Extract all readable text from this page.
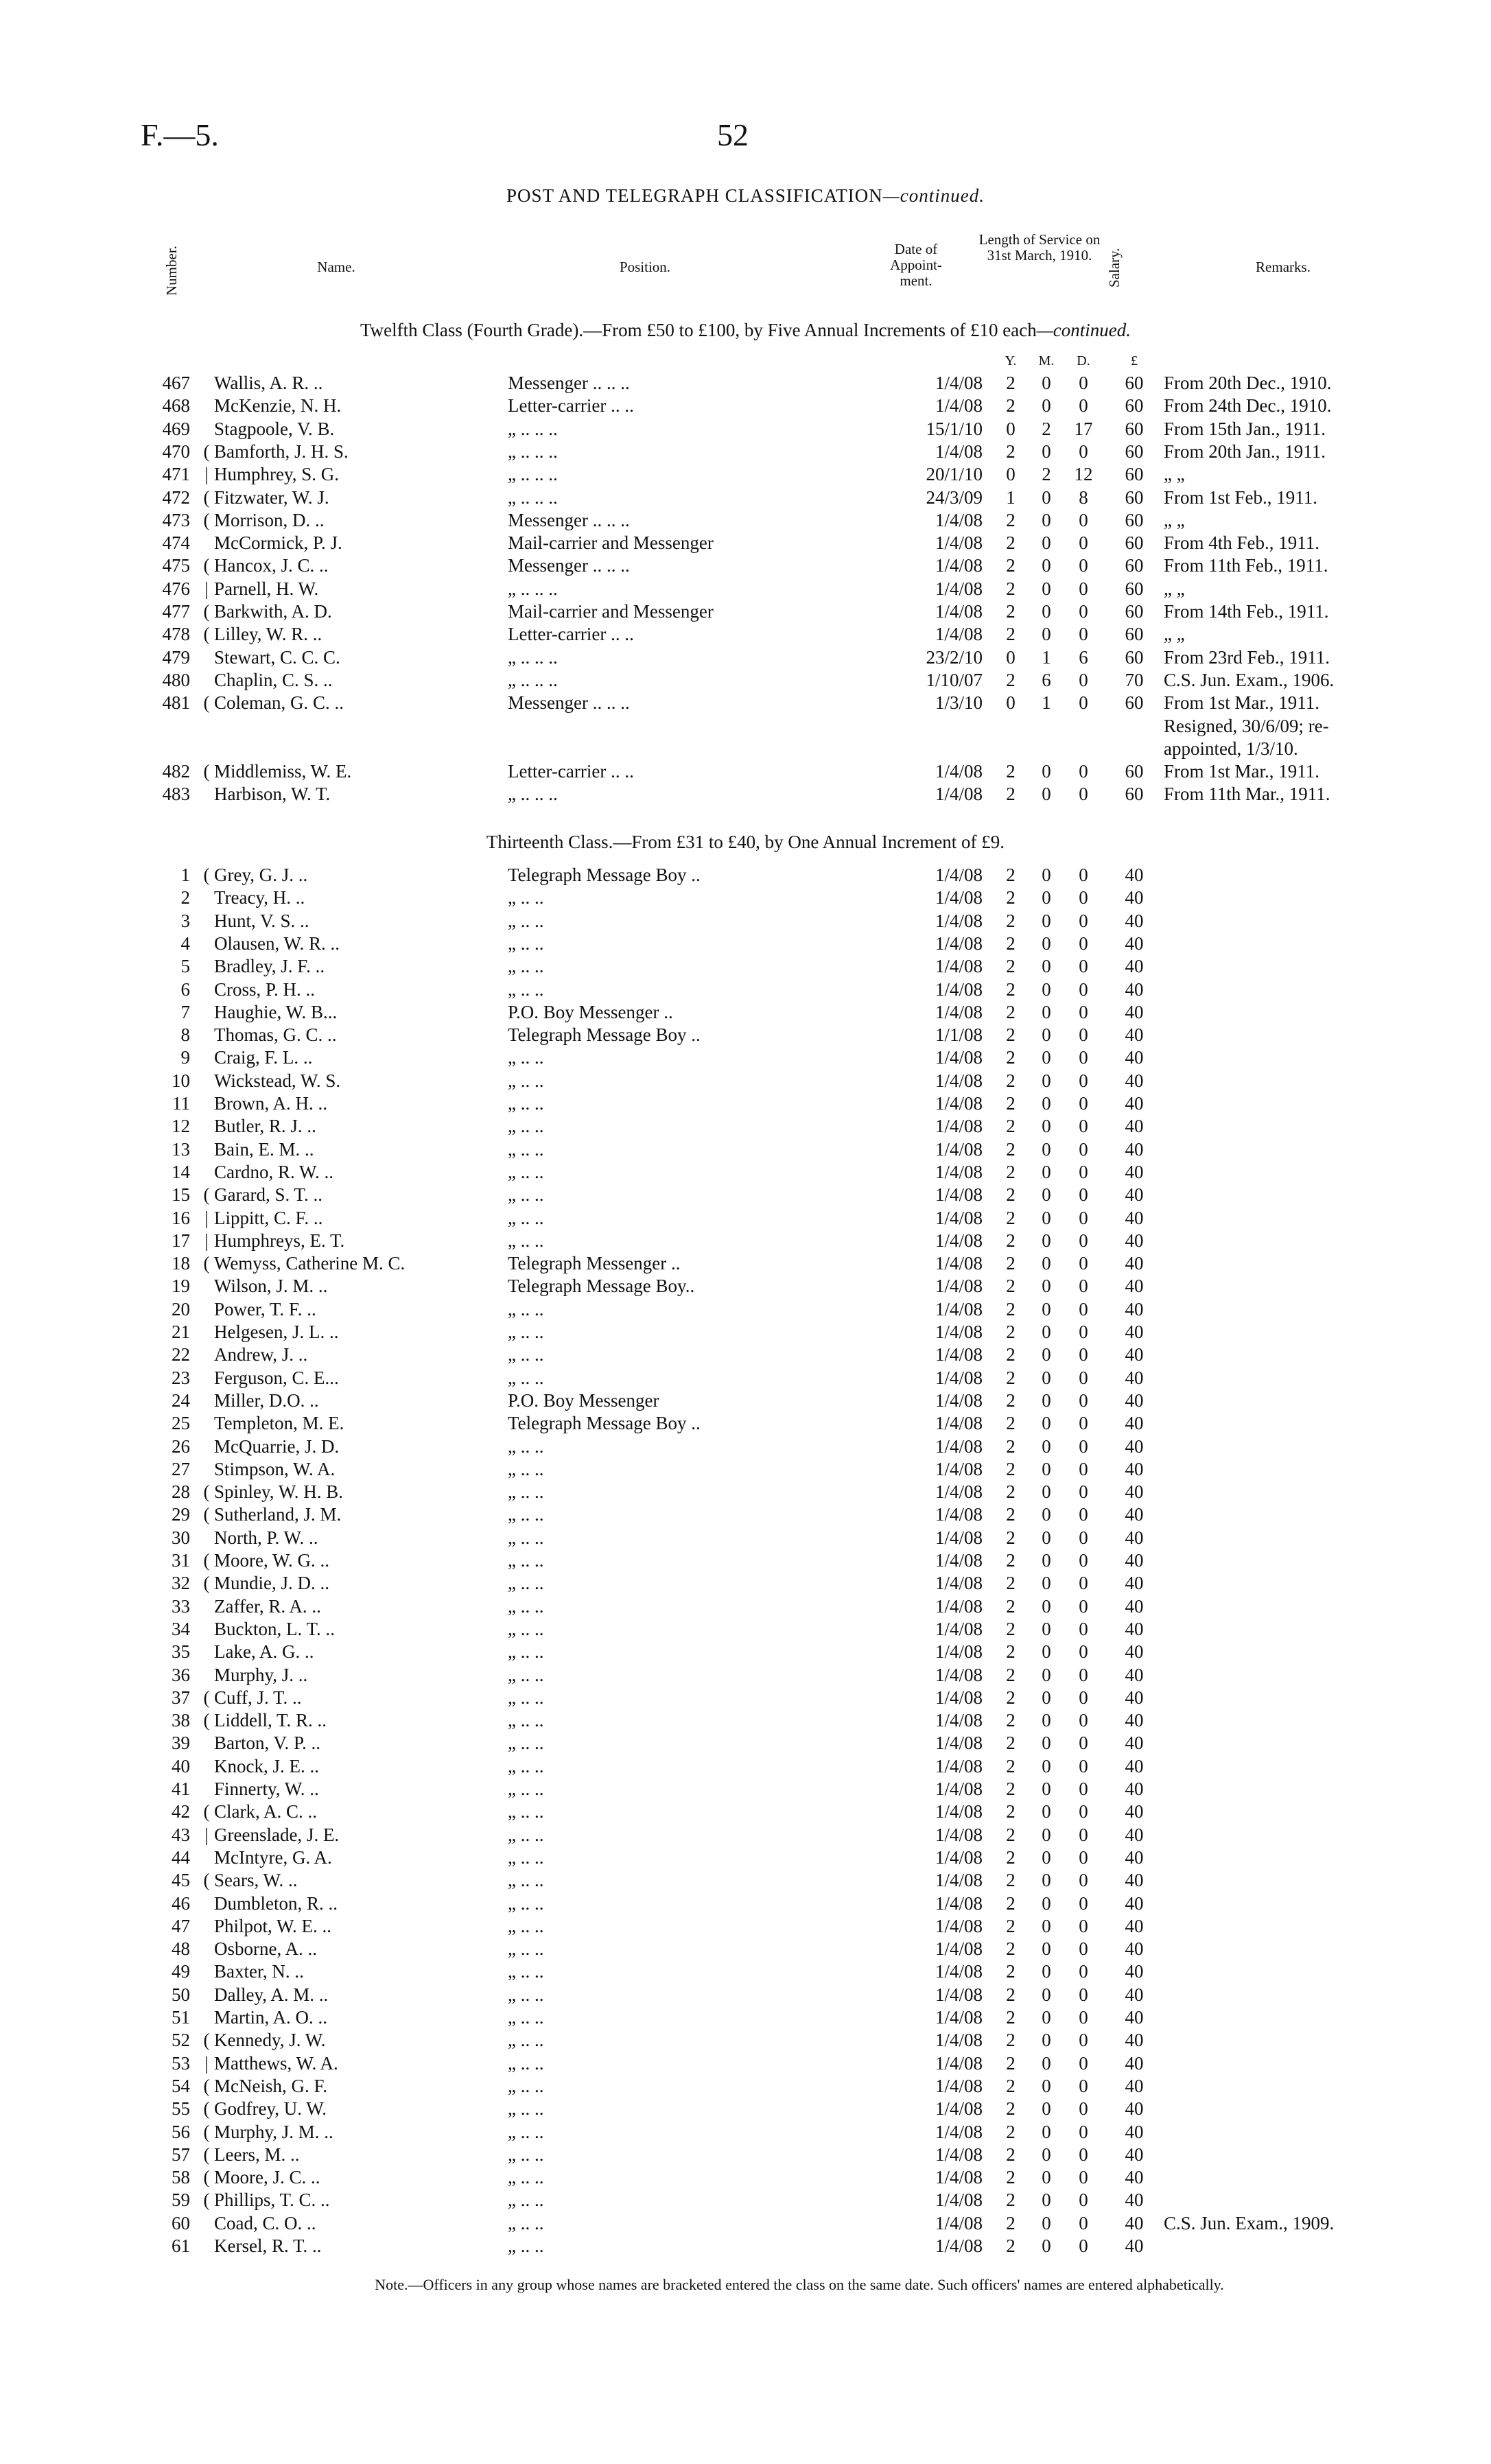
F.—5.	52
POST AND TELEGRAPH CLASSIFICATION—continued.
Number.	Name.	Position.
Date of Appoint- ment.
Length of Service on 31st March, 1910. Salary.	Remarks.
Twelfth Class (Fourth Grade).—From £50 to £100, by Five Annual Increments of £10 each—continued.
Y.	M.	D.	£
467 Wallis, A. R. ..	Messenger .. .. ..	1/4/08	2	0	0	60	From 20th Dec., 1910.
468 McKenzie, N. H.	Letter-carrier .. ..	1/4/08	2	0	0	60	From 24th Dec., 1910.
469 Stagpoole, V. B.	„ .. .. ..	15/1/10	0	2	17	60	From 15th Jan., 1911.
470 ( Bamforth, J. H. S.	„ .. .. ..	1/4/08	2	0	0	60	From 20th Jan., 1911.
471 | Humphrey, S. G.	„ .. .. ..	20/1/10	0	2	12	60	„ „
472 ( Fitzwater, W. J.	„ .. .. ..	24/3/09	1	0	8	60	From 1st Feb., 1911.
473 ( Morrison, D. ..	Messenger .. .. ..	1/4/08	2	0	0	60	„ „
474 McCormick, P. J.	Mail-carrier and Messenger	1/4/08	2	0	0	60	From 4th Feb., 1911.
475 ( Hancox, J. C. ..	Messenger .. .. ..	1/4/08	2	0	0	60	From 11th Feb., 1911.
476 | Parnell, H. W.	„ .. .. ..	1/4/08	2	0	0	60	„ „
477 ( Barkwith, A. D.	Mail-carrier and Messenger	1/4/08	2	0	0	60	From 14th Feb., 1911.
478 ( Lilley, W. R. ..	Letter-carrier .. ..	1/4/08	2	0	0	60	„ „
479 Stewart, C. C. C.	„ .. .. ..	23/2/10	0	1	6	60	From 23rd Feb., 1911.
480 Chaplin, C. S. ..	„ .. .. ..	1/10/07	2	6	0	70	C.S. Jun. Exam., 1906.
481 ( Coleman, G. C. ..	Messenger .. .. ..	1/3/10	0	1	0	60	From 1st Mar., 1911.
Resigned, 30/6/09; re-
appointed, 1/3/10.
482 ( Middlemiss, W. E.	Letter-carrier .. ..	1/4/08	2	0	0	60	From 1st Mar., 1911.
483 Harbison, W. T.	„ .. .. ..	1/4/08	2	0	0	60	From 11th Mar., 1911.
Thirteenth Class.—From £31 to £40, by One Annual Increment of £9.
1 ( Grey, G. J. ..	Telegraph Message Boy ..	1/4/08	2	0	0	40
2 Treacy, H. ..	„ .. ..	1/4/08	2	0	0	40
3 Hunt, V. S. ..	„ .. ..	1/4/08	2	0	0	40
4 Olausen, W. R. ..	„ .. ..	1/4/08	2	0	0	40
5 Bradley, J. F. ..	„ .. ..	1/4/08	2	0	0	40
6 Cross, P. H. ..	„ .. ..	1/4/08	2	0	0	40
7 Haughie, W. B...	P.O. Boy Messenger ..	1/4/08	2	0	0	40
8 Thomas, G. C. ..	Telegraph Message Boy ..	1/1/08	2	0	0	40
9 Craig, F. L. ..	„ .. ..	1/4/08	2	0	0	40
10 Wickstead, W. S.	„ .. ..	1/4/08	2	0	0	40
11 Brown, A. H. ..	„ .. ..	1/4/08	2	0	0	40
12 Butler, R. J. ..	„ .. ..	1/4/08	2	0	0	40
13 Bain, E. M. ..	„ .. ..	1/4/08	2	0	0	40
14 Cardno, R. W. ..	„ .. ..	1/4/08	2	0	0	40
15 ( Garard, S. T. ..	„ .. ..	1/4/08	2	0	0	40
16 | Lippitt, C. F. ..	„ .. ..	1/4/08	2	0	0	40
17 | Humphreys, E. T.	„ .. ..	1/4/08	2	0	0	40
18 ( Wemyss, Catherine M. C.	Telegraph Messenger ..	1/4/08	2	0	0	40
19 Wilson, J. M. ..	Telegraph Message Boy..	1/4/08	2	0	0	40
20 Power, T. F. ..	„ .. ..	1/4/08	2	0	0	40
21 Helgesen, J. L. ..	„ .. ..	1/4/08	2	0	0	40
22 Andrew, J. ..	„ .. ..	1/4/08	2	0	0	40
23 Ferguson, C. E...	„ .. ..	1/4/08	2	0	0	40
24 Miller, D.O. ..	P.O. Boy Messenger	1/4/08	2	0	0	40
25 Templeton, M. E.	Telegraph Message Boy ..	1/4/08	2	0	0	40
26 McQuarrie, J. D.	„ .. ..	1/4/08	2	0	0	40
27 Stimpson, W. A.	„ .. ..	1/4/08	2	0	0	40
28 ( Spinley, W. H. B.	„ .. ..	1/4/08	2	0	0	40
29 ( Sutherland, J. M.	„ .. ..	1/4/08	2	0	0	40
30 North, P. W. ..	„ .. ..	1/4/08	2	0	0	40
31 ( Moore, W. G. ..	„ .. ..	1/4/08	2	0	0	40
32 ( Mundie, J. D. ..	„ .. ..	1/4/08	2	0	0	40
33 Zaffer, R. A. ..	„ .. ..	1/4/08	2	0	0	40
34 Buckton, L. T. ..	„ .. ..	1/4/08	2	0	0	40
35 Lake, A. G. ..	„ .. ..	1/4/08	2	0	0	40
36 Murphy, J. ..	„ .. ..	1/4/08	2	0	0	40
37 ( Cuff, J. T. ..	„ .. ..	1/4/08	2	0	0	40
38 ( Liddell, T. R. ..	„ .. ..	1/4/08	2	0	0	40
39 Barton, V. P. ..	„ .. ..	1/4/08	2	0	0	40
40 Knock, J. E. ..	„ .. ..	1/4/08	2	0	0	40
41 Finnerty, W. ..	„ .. ..	1/4/08	2	0	0	40
42 ( Clark, A. C. ..	„ .. ..	1/4/08	2	0	0	40
43 | Greenslade, J. E.	„ .. ..	1/4/08	2	0	0	40
44 McIntyre, G. A.	„ .. ..	1/4/08	2	0	0	40
45 ( Sears, W. ..	„ .. ..	1/4/08	2	0	0	40
46 Dumbleton, R. ..	„ .. ..	1/4/08	2	0	0	40
47 Philpot, W. E. ..	„ .. ..	1/4/08	2	0	0	40
48 Osborne, A. ..	„ .. ..	1/4/08	2	0	0	40
49 Baxter, N. ..	„ .. ..	1/4/08	2	0	0	40
50 Dalley, A. M. ..	„ .. ..	1/4/08	2	0	0	40
51 Martin, A. O. ..	„ .. ..	1/4/08	2	0	0	40
52 ( Kennedy, J. W.	„ .. ..	1/4/08	2	0	0	40
53 | Matthews, W. A.	„ .. ..	1/4/08	2	0	0	40
54 ( McNeish, G. F.	„ .. ..	1/4/08	2	0	0	40
55 ( Godfrey, U. W.	„ .. ..	1/4/08	2	0	0	40
56 ( Murphy, J. M. ..	„ .. ..	1/4/08	2	0	0	40
57 ( Leers, M. ..	„ .. ..	1/4/08	2	0	0	40
58 ( Moore, J. C. ..	„ .. ..	1/4/08	2	0	0	40
59 ( Phillips, T. C. ..	„ .. ..	1/4/08	2	0	0	40
60 Coad, C. O. ..	„ .. ..	1/4/08	2	0	0	40	C.S. Jun. Exam., 1909.
61 Kersel, R. T. ..	„ .. ..	1/4/08	2	0	0	40
Note.—Officers in any group whose names are bracketed entered the class on the same date. Such officers' names are entered alphabetically.
